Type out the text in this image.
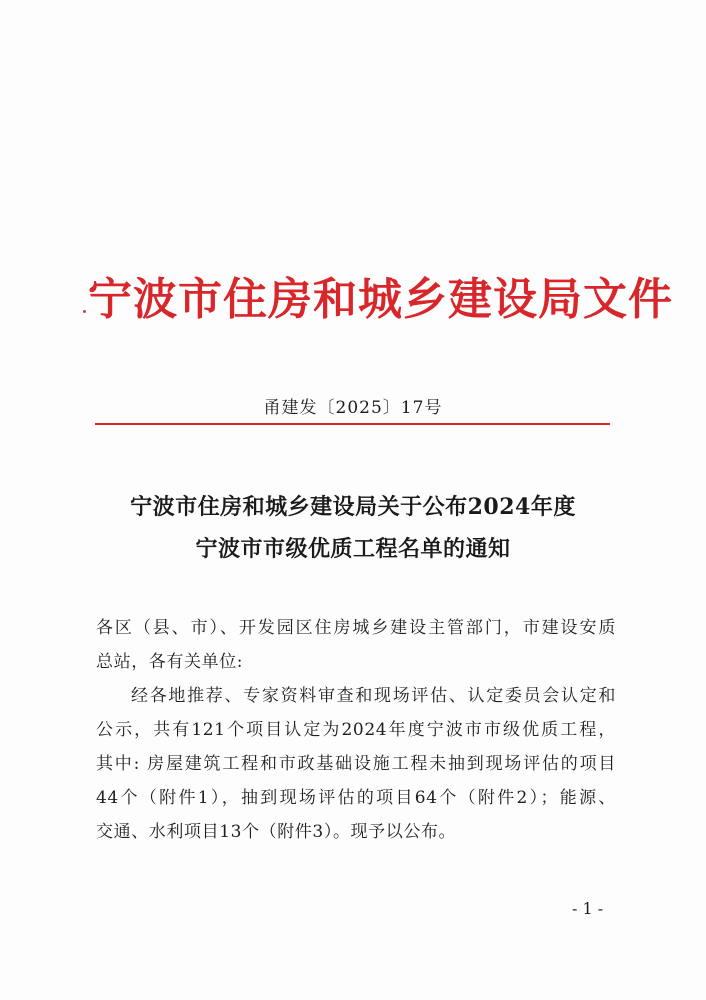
宁波市住房和城乡建设局文件
甬建发〔2025〕17号
宁波市住房和城乡建设局关于公布2024年度
宁波市市级优质工程名单的通知
各区（县、市）、开发园区住房城乡建设主管部门，市建设安质
总站，各有关单位:
经各地推荐、专家资料审查和现场评估、认定委员会认定和
公示，共有121个项目认定为2024年度宁波市市级优质工程，
其中: 房屋建筑工程和市政基础设施工程未抽到现场评估的项目
44个（附件1），抽到现场评估的项目64个（附件2）；能源、
交通、水利项目13个（附件3）。现予以公布。
- 1 -
